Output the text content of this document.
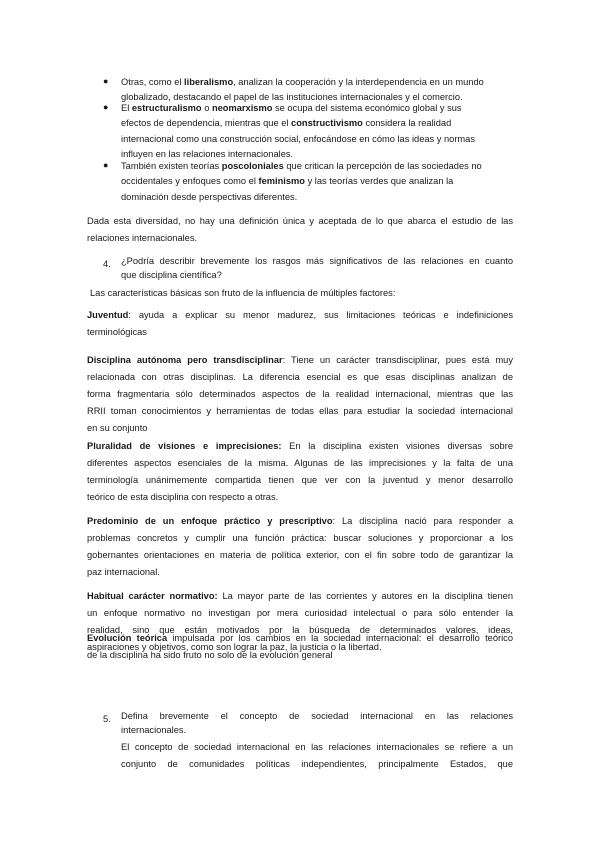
● Otras, como el liberalismo, analizan la cooperación y la interdependencia en un mundo
globalizado, destacando el papel de las instituciones internacionales y el comercio.
● El estructuralismo o neomarxismo se ocupa del sistema económico global y sus
efectos de dependencia, mientras que el constructivismo considera la realidad
internacional como una construcción social, enfocándose en cómo las ideas y normas
influyen en las relaciones internacionales.
● También existen teorías poscoloniales que critican la percepción de las sociedades no
occidentales y enfoques como el feminismo y las teorías verdes que analizan la
dominación desde perspectivas diferentes.
Dada esta diversidad, no hay una definición única y aceptada de lo que abarca el estudio de las
relaciones internacionales.
4. ¿Podría describir brevemente los rasgos más significativos de las relaciones en cuanto
que disciplina científica?
Las características básicas son fruto de la influencia de múltiples factores:
Juventud: ayuda a explicar su menor madurez, sus limitaciones teóricas e indefiniciones
terminológicas
Disciplina autónoma pero transdisciplinar: Tiene un carácter transdisciplinar, pues está muy
relacionada con otras disciplinas. La diferencia esencial es que esas disciplinas analizan de
forma fragmentaria sólo determinados aspectos de la realidad internacional, mientras que las
RRII toman conocimientos y herramientas de todas ellas para estudiar la sociedad internacional
en su conjunto
Pluralidad de visiones e imprecisiones: En la disciplina existen visiones diversas sobre
diferentes aspectos esenciales de la misma. Algunas de las imprecisiones y la falta de una
terminología unánimemente compartida tienen que ver con la juventud y menor desarrollo
teórico de esta disciplina con respecto a otras.
Predominio de un enfoque práctico y prescriptivo: La disciplina nació para responder a
problemas concretos y cumplir una función práctica: buscar soluciones y proporcionar a los
gobernantes orientaciones en materia de política exterior, con el fin sobre todo de garantizar la
paz internacional.
Habitual carácter normativo: La mayor parte de las corrientes y autores en la disciplina tienen
un enfoque normativo no investigan por mera curiosidad intelectual o para sólo entender la
realidad, sino que están motivados por la búsqueda de determinados valores, ideas,
aspiraciones y objetivos, como son lograr la paz, la justicia o la libertad.
Evolución teórica impulsada por los cambios en la sociedad internacional: el desarrollo teórico
de la disciplina ha sido fruto no solo de la evolución general
5. Defina brevemente el concepto de sociedad internacional en las relaciones
internacionales.
El concepto de sociedad internacional en las relaciones internacionales se refiere a un
conjunto de comunidades políticas independientes, principalmente Estados, que
